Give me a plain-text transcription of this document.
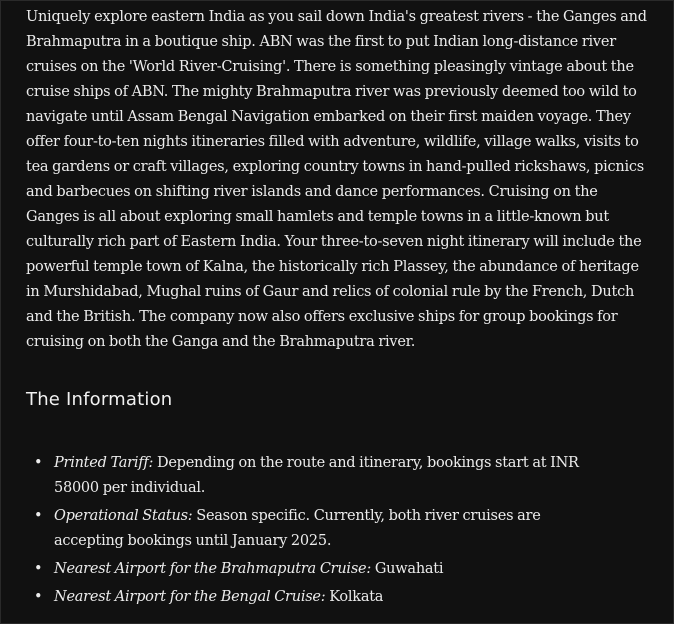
Uniquely explore eastern India as you sail down India's greatest rivers - the Ganges and Brahmaputra in a boutique ship. ABN was the first to put Indian long-distance river cruises on the 'World River-Cruising'. There is something pleasingly vintage about the cruise ships of ABN. The mighty Brahmaputra river was previously deemed too wild to navigate until Assam Bengal Navigation embarked on their first maiden voyage. They offer four-to-ten nights itineraries filled with adventure, wildlife, village walks, visits to tea gardens or craft villages, exploring country towns in hand-pulled rickshaws, picnics and barbecues on shifting river islands and dance performances. Cruising on the Ganges is all about exploring small hamlets and temple towns in a little-known but culturally rich part of Eastern India. Your three-to-seven night itinerary will include the powerful temple town of Kalna, the historically rich Plassey, the abundance of heritage in Murshidabad, Mughal ruins of Gaur and relics of colonial rule by the French, Dutch and the British. The company now also offers exclusive ships for group bookings for cruising on both the Ganga and the Brahmaputra river.

The Information
• Printed Tariff: Depending on the route and itinerary, bookings start at INR 58000 per individual.
• Operational Status: Season specific. Currently, both river cruises are accepting bookings until January 2025.
• Nearest Airport for the Brahmaputra Cruise: Guwahati
• Nearest Airport for the Bengal Cruise: Kolkata
